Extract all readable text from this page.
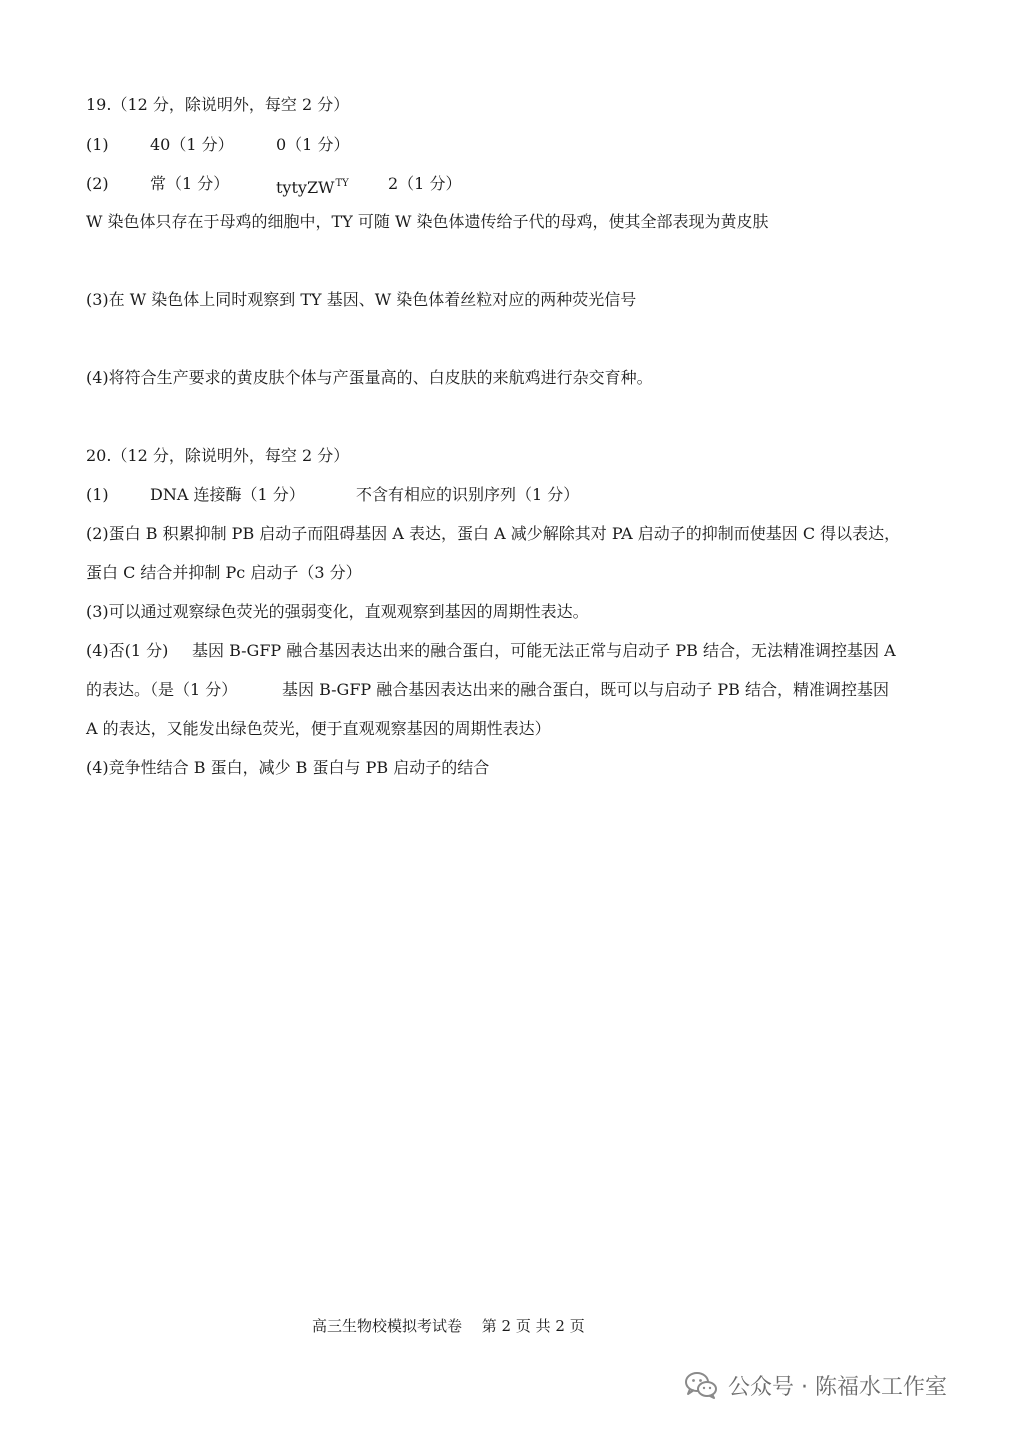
19.（12 分，除说明外，每空 2 分）
(1)	40（1 分）	0（1 分）
(2)	常（1 分）	tytyZW$^{TY}$ 2（1 分）
W 染色体只存在于母鸡的细胞中，TY 可随 W 染色体遗传给子代的母鸡，使其全部表现为黄皮肤
(3)在 W 染色体上同时观察到 TY 基因、W 染色体着丝粒对应的两种荧光信号
(4)将符合生产要求的黄皮肤个体与产蛋量高的、白皮肤的来航鸡进行杂交育种。
20.（12 分，除说明外，每空 2 分）
(1)	DNA 连接酶（1 分）	不含有相应的识别序列（1 分）
(2)蛋白 B 积累抑制 PB 启动子而阻碍基因 A 表达，蛋白 A 减少解除其对 PA 启动子的抑制而使基因 C 得以表达，
蛋白 C 结合并抑制 Pc 启动子（3 分）
(3)可以通过观察绿色荧光的强弱变化，直观观察到基因的周期性表达。
(4)否(1 分) 基因 B-GFP 融合基因表达出来的融合蛋白，可能无法正常与启动子 PB 结合，无法精准调控基因 A
的表达。（是（1 分）	基因 B-GFP 融合基因表达出来的融合蛋白，既可以与启动子 PB 结合，精准调控基因
A 的表达，又能发出绿色荧光，便于直观观察基因的周期性表达）
(4)竞争性结合 B 蛋白，减少 B 蛋白与 PB 启动子的结合
高三生物校模拟考试卷　 第 2 页 共 2 页
公众号 · 陈福水工作室
